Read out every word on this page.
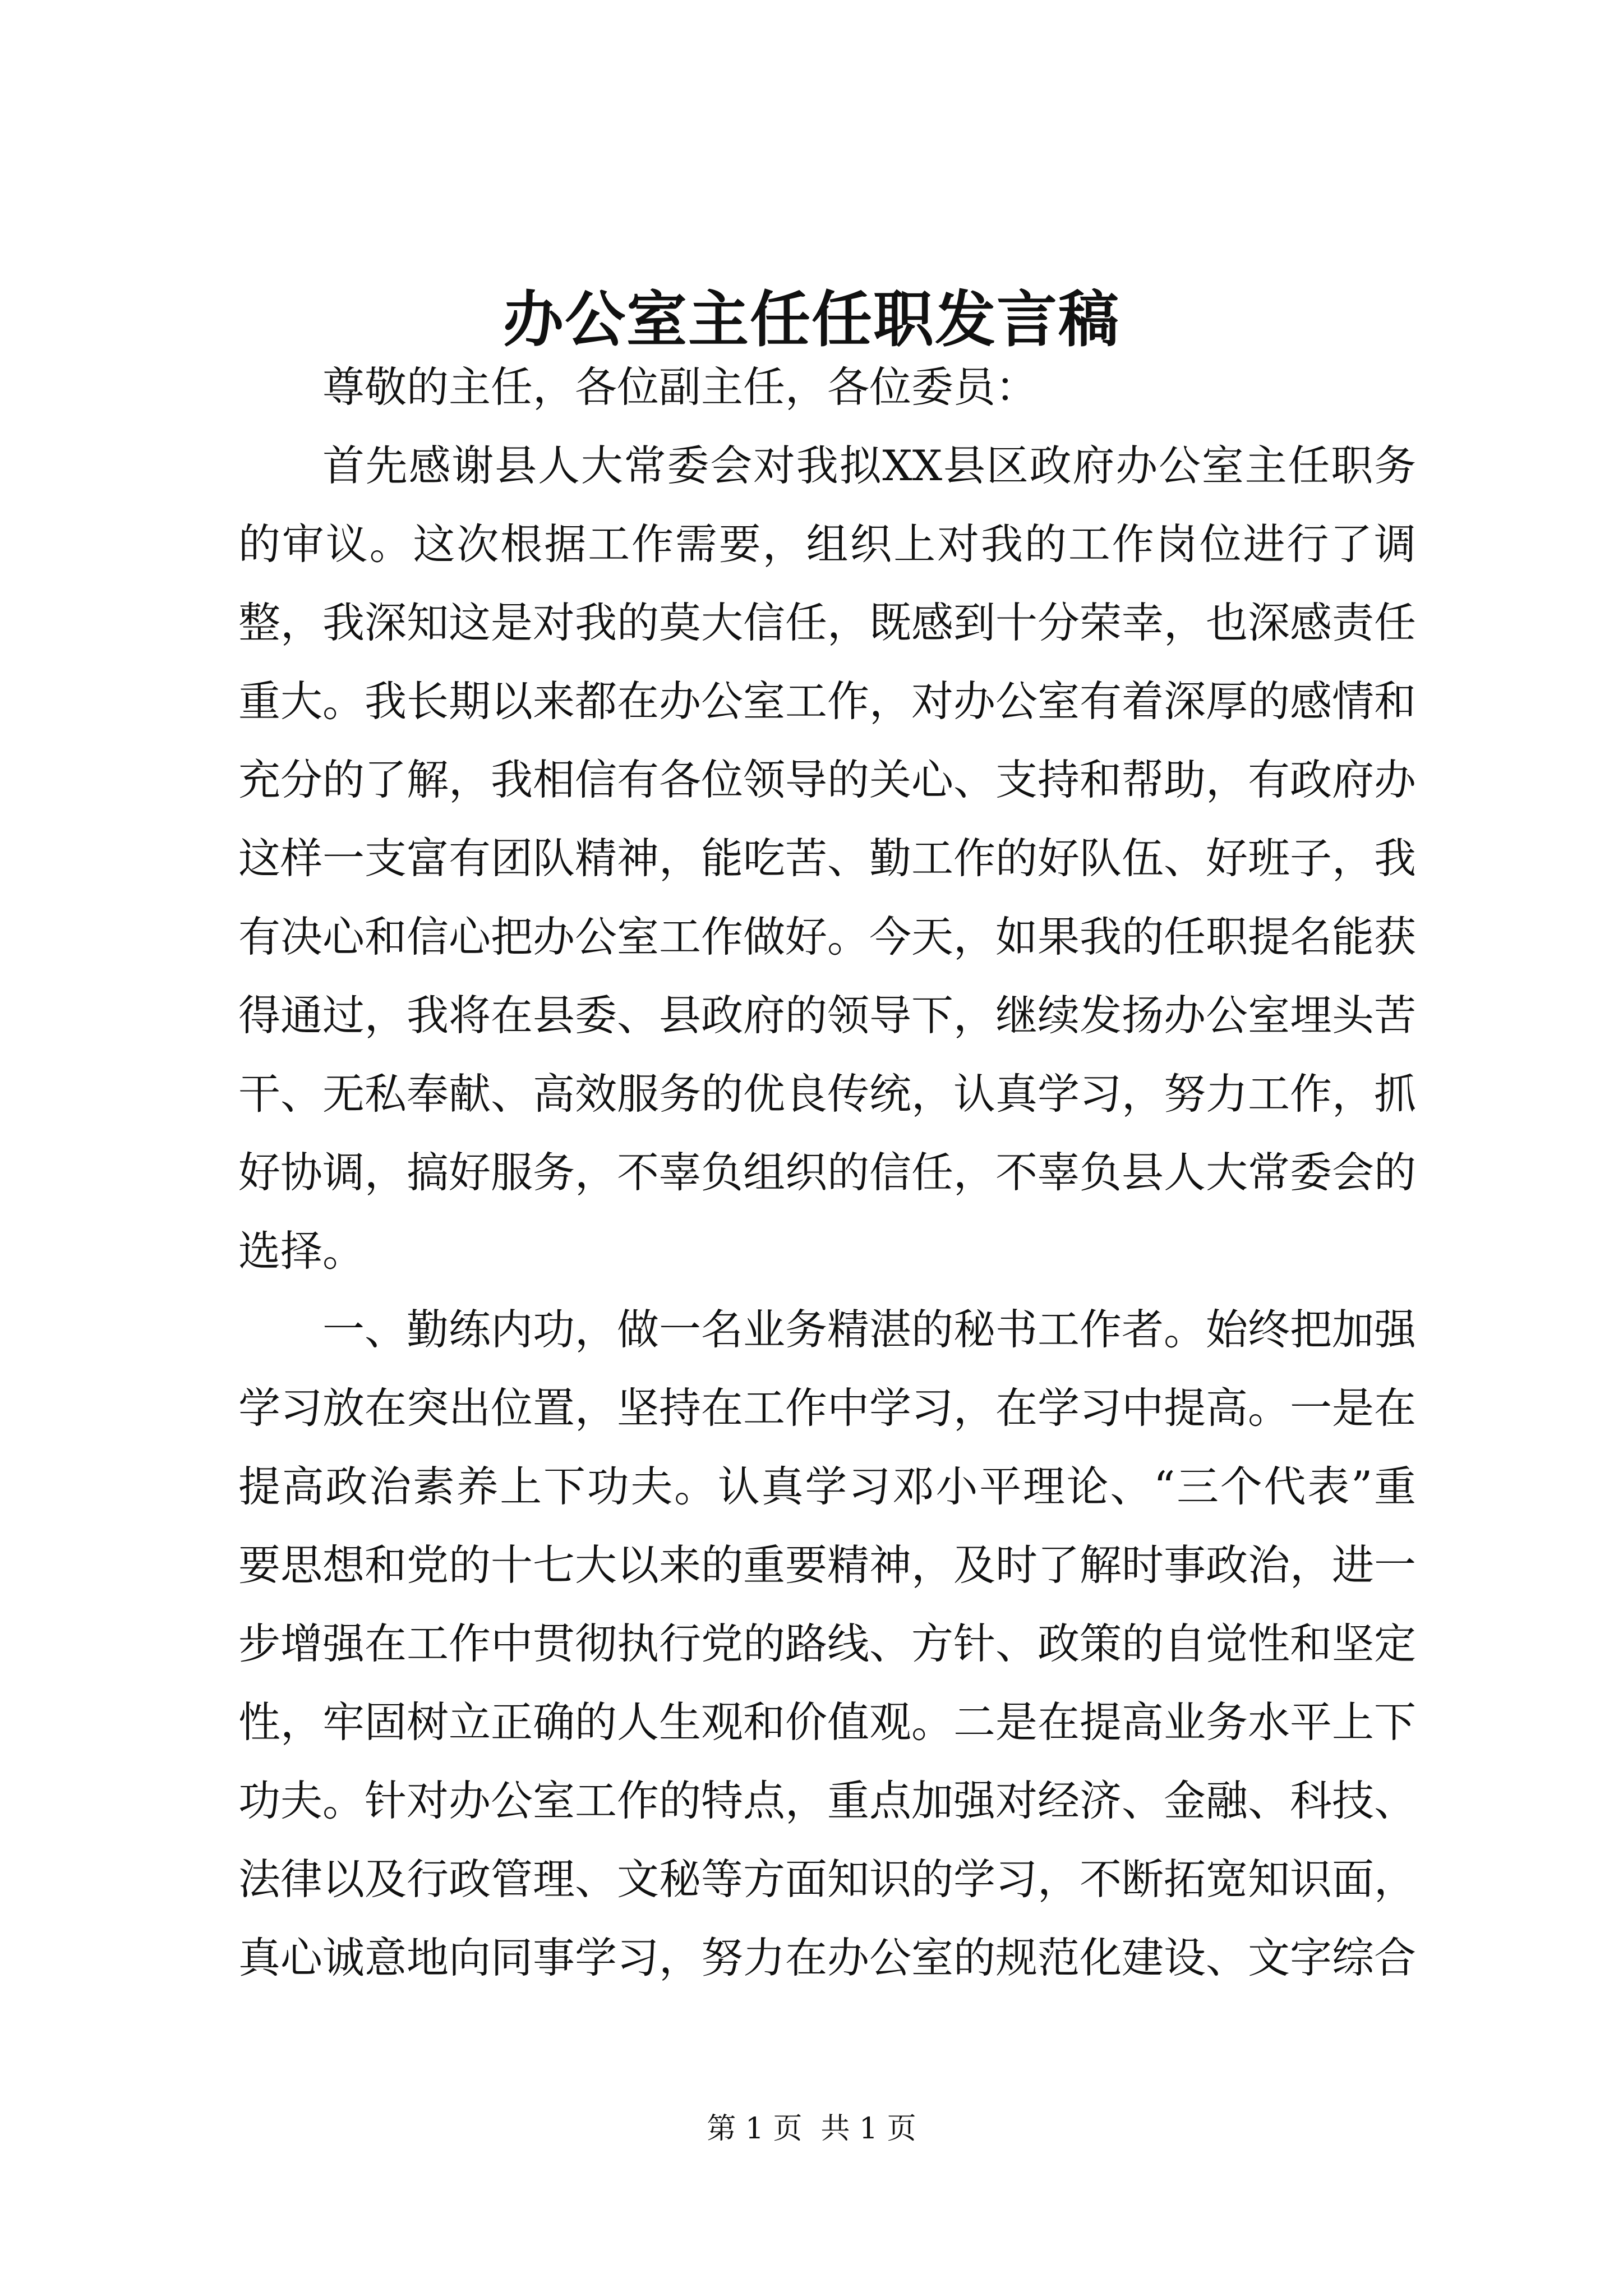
办公室主任任职发言稿

尊敬的主任，各位副主任，各位委员：

首先感谢县人大常委会对我拟XX县区政府办公室主任职务的审议。这次根据工作需要，组织上对我的工作岗位进行了调整，我深知这是对我的莫大信任，既感到十分荣幸，也深感责任重大。我长期以来都在办公室工作，对办公室有着深厚的感情和充分的了解，我相信有各位领导的关心、支持和帮助，有政府办这样一支富有团队精神，能吃苦、勤工作的好队伍、好班子，我有决心和信心把办公室工作做好。今天，如果我的任职提名能获得通过，我将在县委、县政府的领导下，继续发扬办公室埋头苦干、无私奉献、高效服务的优良传统，认真学习，努力工作，抓好协调，搞好服务，不辜负组织的信任，不辜负县人大常委会的选择。

一、勤练内功，做一名业务精湛的秘书工作者。始终把加强学习放在突出位置，坚持在工作中学习，在学习中提高。一是在提高政治素养上下功夫。认真学习邓小平理论、“三个代表”重要思想和党的十七大以来的重要精神，及时了解时事政治，进一步增强在工作中贯彻执行党的路线、方针、政策的自觉性和坚定性，牢固树立正确的人生观和价值观。二是在提高业务水平上下功夫。针对办公室工作的特点，重点加强对经济、金融、科技、法律以及行政管理、文秘等方面知识的学习，不断拓宽知识面，真心诚意地向同事学习，努力在办公室的规范化建设、文字综合

第 1 页  共 1 页
